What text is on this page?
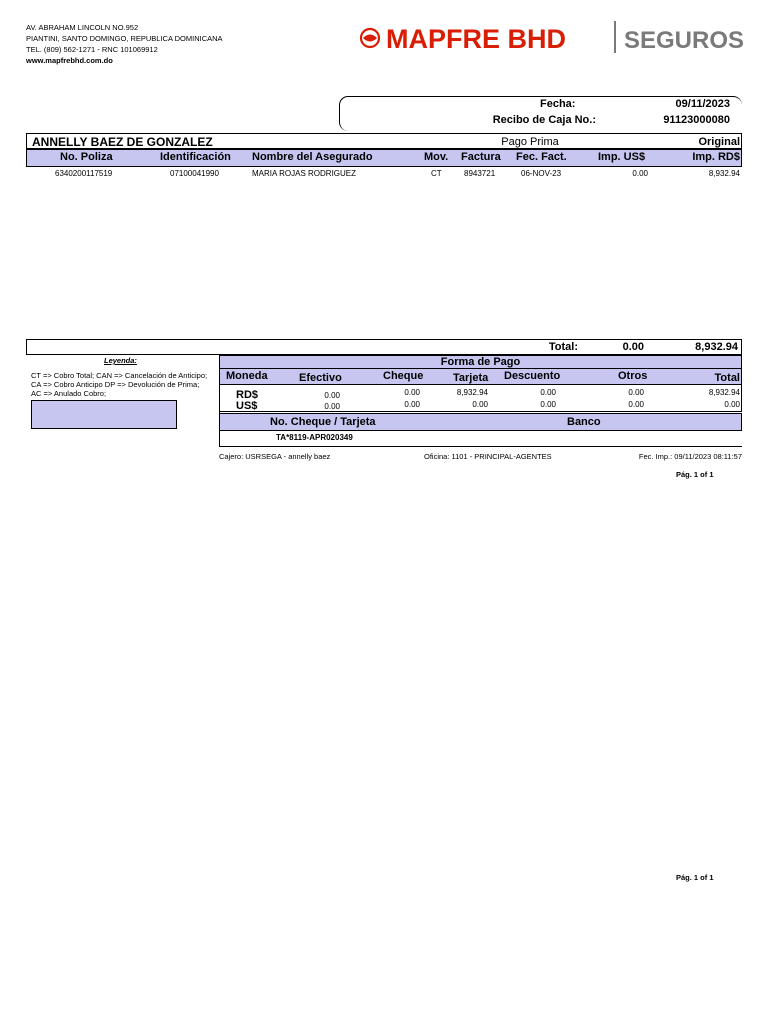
AV. ABRAHAM LINCOLN NO.952
PIANTINI, SANTO DOMINGO, REPUBLICA DOMINICANA
TEL. (809) 562-1271 - RNC 101069912
www.mapfrebhd.com.do
MAPFRE BHD SEGUROS
Fecha:	09/11/2023
Recibo de Caja No.:	91123000080
ANNELLY BAEZ DE GONZALEZ	Pago Prima	Original
No. Poliza	Identificación Nombre del Asegurado	Mov. Factura Fec. Fact.	Imp. US$	Imp. RD$
6340200117519	07100041990	MARIA ROJAS RODRIGUEZ	CT	8943721	06-NOV-23	0.00	8,932.94
Total:	0.00	8,932.94
Leyenda:
CT => Cobro Total; CAN => Cancelación de Anticipo; CA => Cobro Anticipo DP => Devolución de Prima; AC => Anulado Cobro;
Forma de Pago
Moneda	Efectivo	Cheque	Tarjeta Descuento	Otros	Total
RD$	0.00	0.00	8,932.94	0.00	0.00	8,932.94
US$	0.00	0.00	0.00	0.00	0.00	0.00
No. Cheque / Tarjeta	Banco
TA*8119-APR020349
Cajero: USRSEGA - annelly baez	Oficina: 1101 - PRINCIPAL-AGENTES	Fec. Imp.: 09/11/2023 08:11:57
Pág. 1 of 1
Pág. 1 of 1
